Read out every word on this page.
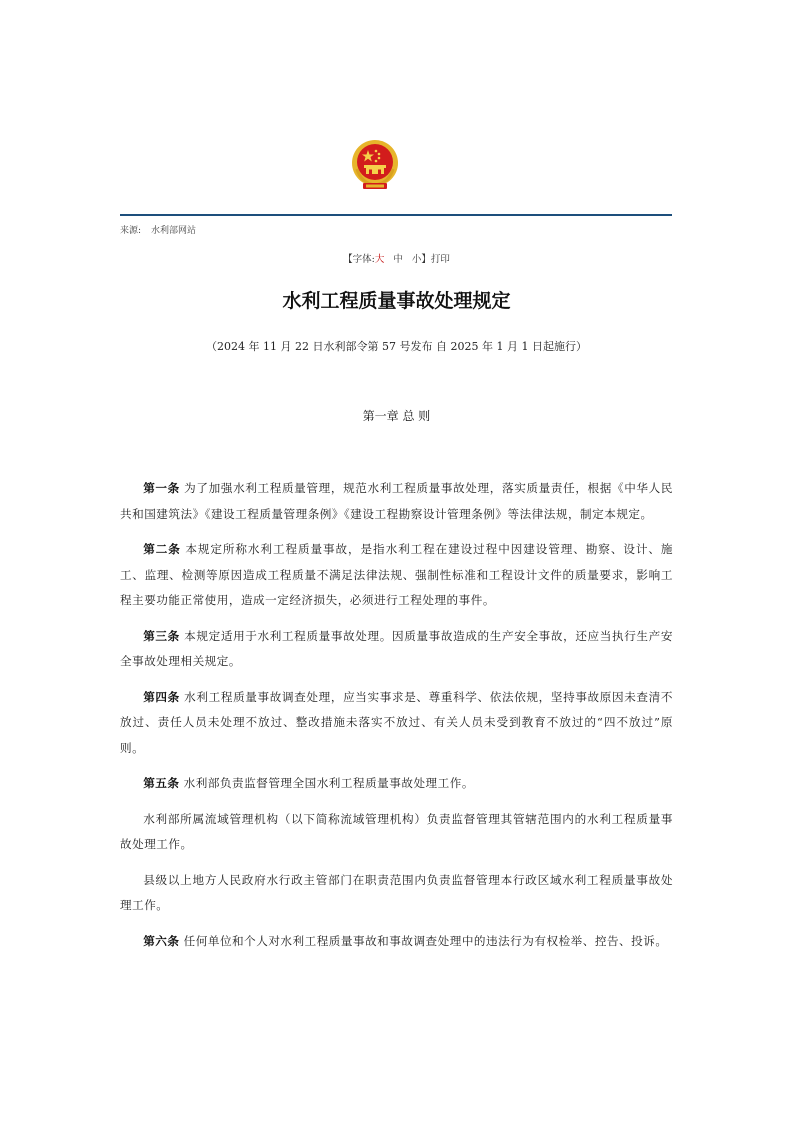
来源: 水利部网站
【字体:大 中 小】打印
水利工程质量事故处理规定
（2024 年 11 月 22 日水利部令第 57 号发布 自 2025 年 1 月 1 日起施行）
第一章 总 则

第一条 为了加强水利工程质量管理，规范水利工程质量事故处理，落实质量责任，根据《中华人民共和国建筑法》《建设工程质量管理条例》《建设工程勘察设计管理条例》等法律法规，制定本规定。

第二条 本规定所称水利工程质量事故，是指水利工程在建设过程中因建设管理、勘察、设计、施工、监理、检测等原因造成工程质量不满足法律法规、强制性标准和工程设计文件的质量要求，影响工程主要功能正常使用，造成一定经济损失，必须进行工程处理的事件。

第三条 本规定适用于水利工程质量事故处理。因质量事故造成的生产安全事故，还应当执行生产安全事故处理相关规定。

第四条 水利工程质量事故调查处理，应当实事求是、尊重科学、依法依规，坚持事故原因未查清不放过、责任人员未处理不放过、整改措施未落实不放过、有关人员未受到教育不放过的“四不放过”原则。

第五条 水利部负责监督管理全国水利工程质量事故处理工作。

水利部所属流域管理机构（以下简称流域管理机构）负责监督管理其管辖范围内的水利工程质量事故处理工作。

县级以上地方人民政府水行政主管部门在职责范围内负责监督管理本行政区域水利工程质量事故处理工作。

第六条 任何单位和个人对水利工程质量事故和事故调查处理中的违法行为有权检举、控告、投诉。
